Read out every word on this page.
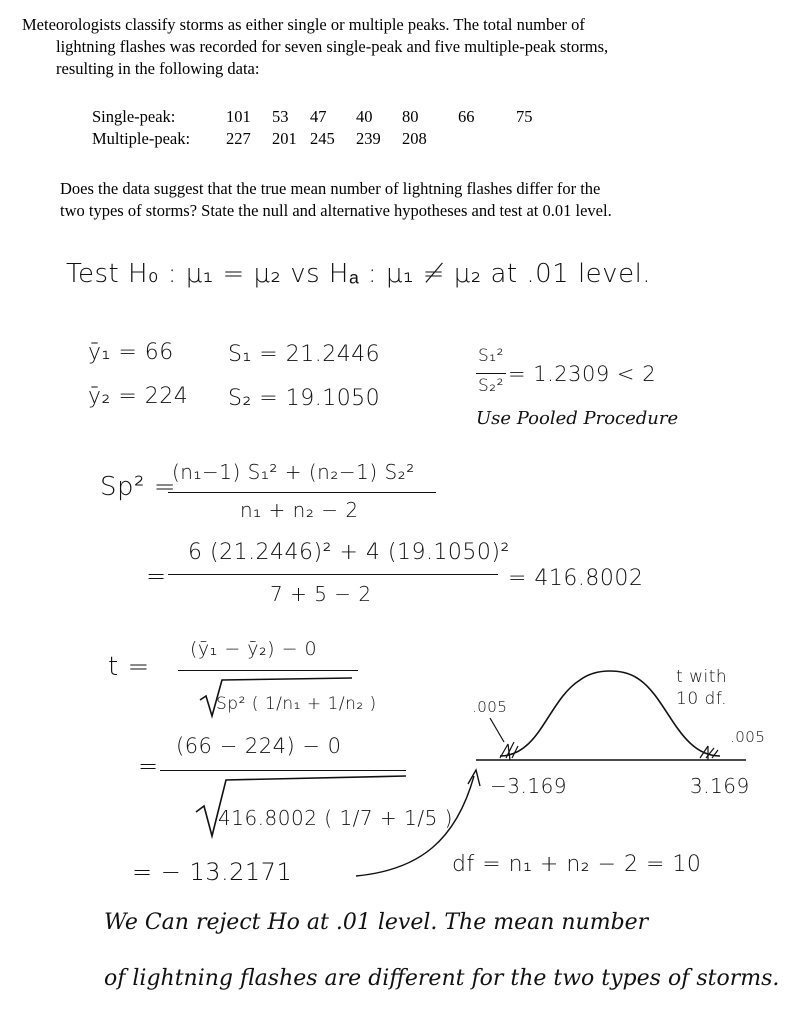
Meteorologists classify storms as either single or multiple peaks. The total number of
lightning flashes was recorded for seven single-peak and five multiple-peak storms,
resulting in the following data:
Single-peak:	101	53	47	40	80	66	75
Multiple-peak:	227	201	245	239	208		
Does the data suggest that the true mean number of lightning flashes differ for the
two types of storms? State the null and alternative hypotheses and test at 0.01 level.
Test H₀ : μ₁ = μ₂ vs Hₐ : μ₁ ≠ μ₂ at .01 level.
ȳ₁ = 66
ȳ₂ = 224
S₁ = 21.2446
S₂ = 19.1050
S₁²
S₂² = 1.2309 < 2
Use Pooled Procedure
Sp² =
(n₁−1) S₁² + (n₂−1) S₂²
n₁ + n₂ − 2
=
6 (21.2446)² + 4 (19.1050)²
7 + 5 − 2
= 416.8002
t =
(ȳ₁ − ȳ₂) − 0
Sp² ( 1/n₁ + 1/n₂ )
=
(66 − 224) − 0
416.8002 ( 1/7 + 1/5 )
= − 13.2171
t with
10 df.
.005
.005
−3.169	3.169
df = n₁ + n₂ − 2 = 10
We Can reject Ho at .01 level. The mean number
of lightning flashes are different for the two types of storms.
